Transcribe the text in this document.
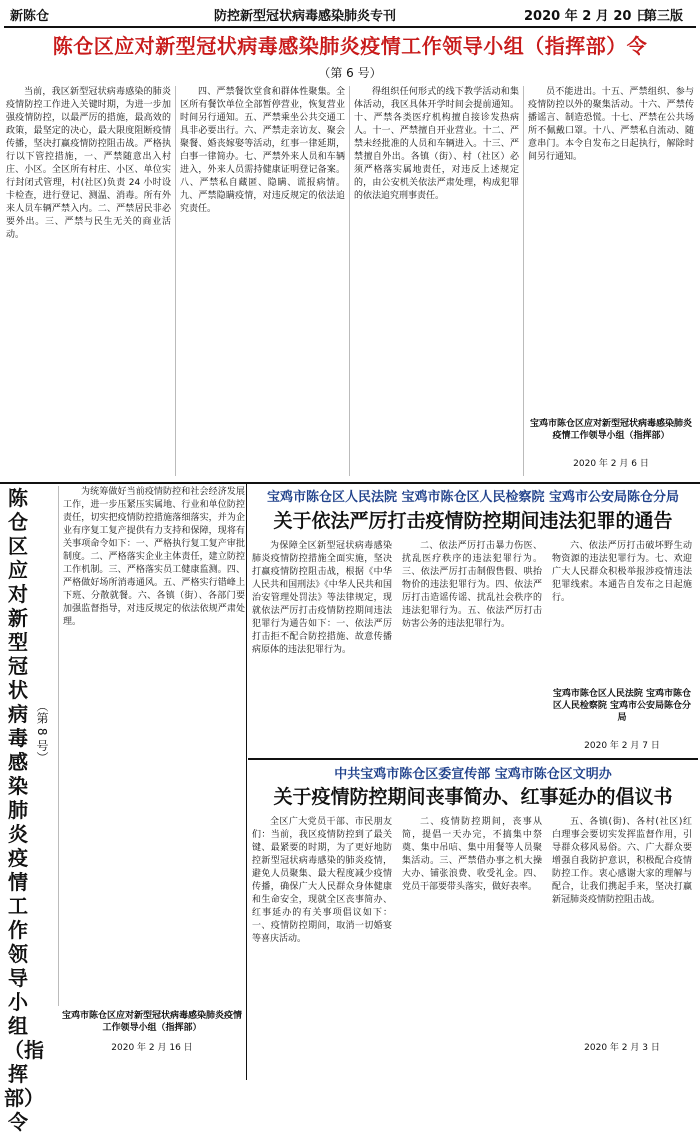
新陈仓	防控新型冠状病毒感染肺炎专刊	2020 年 2 月 20 日
第三版
陈仓区应对新型冠状病毒感染肺炎疫情工作领导小组（指挥部）令
（第 6 号）

当前，我区新型冠状病毒感染的肺炎疫情防控工作进入关键时期，为进一步加强疫情防控，以最严厉的措施，最高效的政策，最坚定的决心，最大限度阻断疫情传播，坚决打赢疫情防控阻击战。严格执行以下管控措施，一、严禁随意出入村庄、小区。全区所有村庄、小区、单位实行封闭式管理，村(社区)负责 24 小时设卡检查，进行登记、测温、消毒。所有外来人员车辆严禁入内。二、严禁居民非必要外出。三、严禁与民生无关的商业活动。

四、严禁餐饮堂食和群体性聚集。全区所有餐饮单位全部暂停营业，恢复营业时间另行通知。五、严禁乘坐公共交通工具非必要出行。六、严禁走亲访友、聚会聚餐、婚丧嫁娶等活动，红事一律延期，白事一律简办。七、严禁外来人员和车辆进入，外来人员需持健康证明登记备案。八、严禁私自藏匿、隐瞒、谎报病情。九、严禁隐瞒疫情，对违反规定的依法追究责任。

得组织任何形式的线下教学活动和集体活动，我区具体开学时间会提前通知。十、严禁各类医疗机构擅自接诊发热病人。十一、严禁擅自开业营业。十二、严禁未经批准的人员和车辆进入。十三、严禁擅自外出。各镇（街）、村（社区）必须严格落实属地责任，对违反上述规定的，由公安机关依法严肃处理，构成犯罪的依法追究刑事责任。

员不能进出。十五、严禁组织、参与疫情防控以外的聚集活动。十六、严禁传播谣言、制造恐慌。十七、严禁在公共场所不佩戴口罩。十八、严禁私自流动、随意串门。本令自发布之日起执行，解除时间另行通知。

宝鸡市陈仓区应对新型冠状病毒感染肺炎疫情工作领导小组（指挥部）
2020 年 2 月 6 日
陈仓区应对新型冠状病毒感染肺炎疫情工作领导小组（指挥部）令
（第 8 号）

为统筹做好当前疫情防控和社会经济发展工作，进一步压紧压实属地、行业和单位防控责任，切实把疫情防控措施落细落实，并为企业有序复工复产提供有力支持和保障，现将有关事项命令如下：一、严格执行复工复产审批制度。二、严格落实企业主体责任，建立防控工作机制。三、严格落实员工健康监测。四、严格做好场所消毒通风。五、严格实行错峰上下班、分散就餐。六、各镇（街）、各部门要加强监督指导，对违反规定的依法依规严肃处理。

宝鸡市陈仓区应对新型冠状病毒感染肺炎疫情工作领导小组（指挥部）
2020 年 2 月 16 日
宝鸡市陈仓区人民法院 宝鸡市陈仓区人民检察院 宝鸡市公安局陈仓分局
关于依法严厉打击疫情防控期间违法犯罪的通告

为保障全区新型冠状病毒感染肺炎疫情防控措施全面实施，坚决打赢疫情防控阻击战，根据《中华人民共和国刑法》《中华人民共和国治安管理处罚法》等法律规定，现就依法严厉打击疫情防控期间违法犯罪行为通告如下：一、依法严厉打击拒不配合防控措施、故意传播病原体的违法犯罪行为。

二、依法严厉打击暴力伤医、扰乱医疗秩序的违法犯罪行为。三、依法严厉打击制假售假、哄抬物价的违法犯罪行为。四、依法严厉打击造谣传谣、扰乱社会秩序的违法犯罪行为。五、依法严厉打击妨害公务的违法犯罪行为。

六、依法严厉打击破坏野生动物资源的违法犯罪行为。七、欢迎广大人民群众积极举报涉疫情违法犯罪线索。本通告自发布之日起施行。

宝鸡市陈仓区人民法院 宝鸡市陈仓区人民检察院 宝鸡市公安局陈仓分局
2020 年 2 月 7 日
中共宝鸡市陈仓区委宣传部 宝鸡市陈仓区文明办
关于疫情防控期间丧事简办、红事延办的倡议书

全区广大党员干部、市民朋友们：当前，我区疫情防控到了最关键、最紧要的时期，为了更好地防控新型冠状病毒感染的肺炎疫情，避免人员聚集、最大程度减少疫情传播，确保广大人民群众身体健康和生命安全，现就全区丧事简办、红事延办的有关事项倡议如下：一、疫情防控期间，取消一切婚宴等喜庆活动。

二、疫情防控期间，丧事从简，提倡一天办完，不搞集中祭奠、集中吊唁、集中用餐等人员聚集活动。三、严禁借办事之机大操大办、铺张浪费、收受礼金。四、党员干部要带头落实，做好表率。

五、各镇(街)、各村(社区)红白理事会要切实发挥监督作用，引导群众移风易俗。六、广大群众要增强自我防护意识，积极配合疫情防控工作。衷心感谢大家的理解与配合，让我们携起手来，坚决打赢新冠肺炎疫情防控阻击战。

2020 年 2 月 3 日
